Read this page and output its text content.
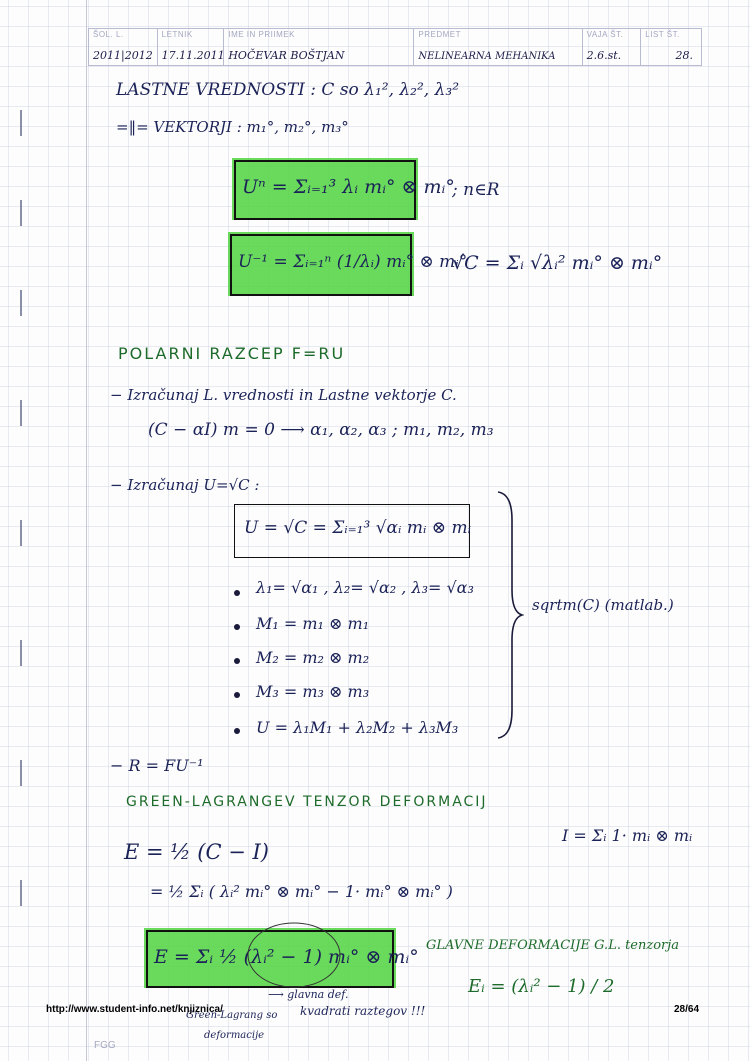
ŠOL. L.
2011|2012
LETNIK
17.11.2011
IME IN PRIIMEK
HOČEVAR BOŠTJAN
PREDMET
NELINEARNA MEHANIKA
VAJA ŠT.
2.6.st.
LIST ŠT.
28.
LASTNE VREDNOSTI : C so λ₁², λ₂², λ₃²
=‖= VEKTORJI : m₁°, m₂°, m₃°
Uⁿ = Σᵢ₌₁³ λᵢ mᵢ° ⊗ mᵢ°
; n∈R
U⁻¹ = Σᵢ₌₁ⁿ (1/λᵢ) mᵢ° ⊗ mᵢ°
√C = Σᵢ √λᵢ² mᵢ° ⊗ mᵢ°
POLARNI RAZCEP F=RU
− Izračunaj L. vrednosti in Lastne vektorje C.
(C − αI) m = 0 ⟶ α₁, α₂, α₃ ; m₁, m₂, m₃
− Izračunaj U=√C :
U = √C = Σᵢ₌₁³ √αᵢ mᵢ ⊗ mᵢ
λ₁= √α₁ , λ₂= √α₂ , λ₃= √α₃
M₁ = m₁ ⊗ m₁
M₂ = m₂ ⊗ m₂
M₃ = m₃ ⊗ m₃
U = λ₁M₁ + λ₂M₂ + λ₃M₃
sqrtm(C) (matlab.)
− R = FU⁻¹
GREEN-LAGRANGEV TENZOR DEFORMACIJ
E = ½ (C − I)
I = Σᵢ 1· mᵢ ⊗ mᵢ
= ½ Σᵢ ( λᵢ² mᵢ° ⊗ mᵢ° − 1· mᵢ° ⊗ mᵢ° )
E = Σᵢ ½ (λᵢ² − 1) mᵢ° ⊗ mᵢ°
GLAVNE DEFORMACIJE G.L. tenzorja
Eᵢ = (λᵢ² − 1) / 2
⟶ glavna def.
kvadrati raztegov !!!
Green-Lagrang so
deformacije
http://www.student-info.net/knjiznica/	28/64
FGG
